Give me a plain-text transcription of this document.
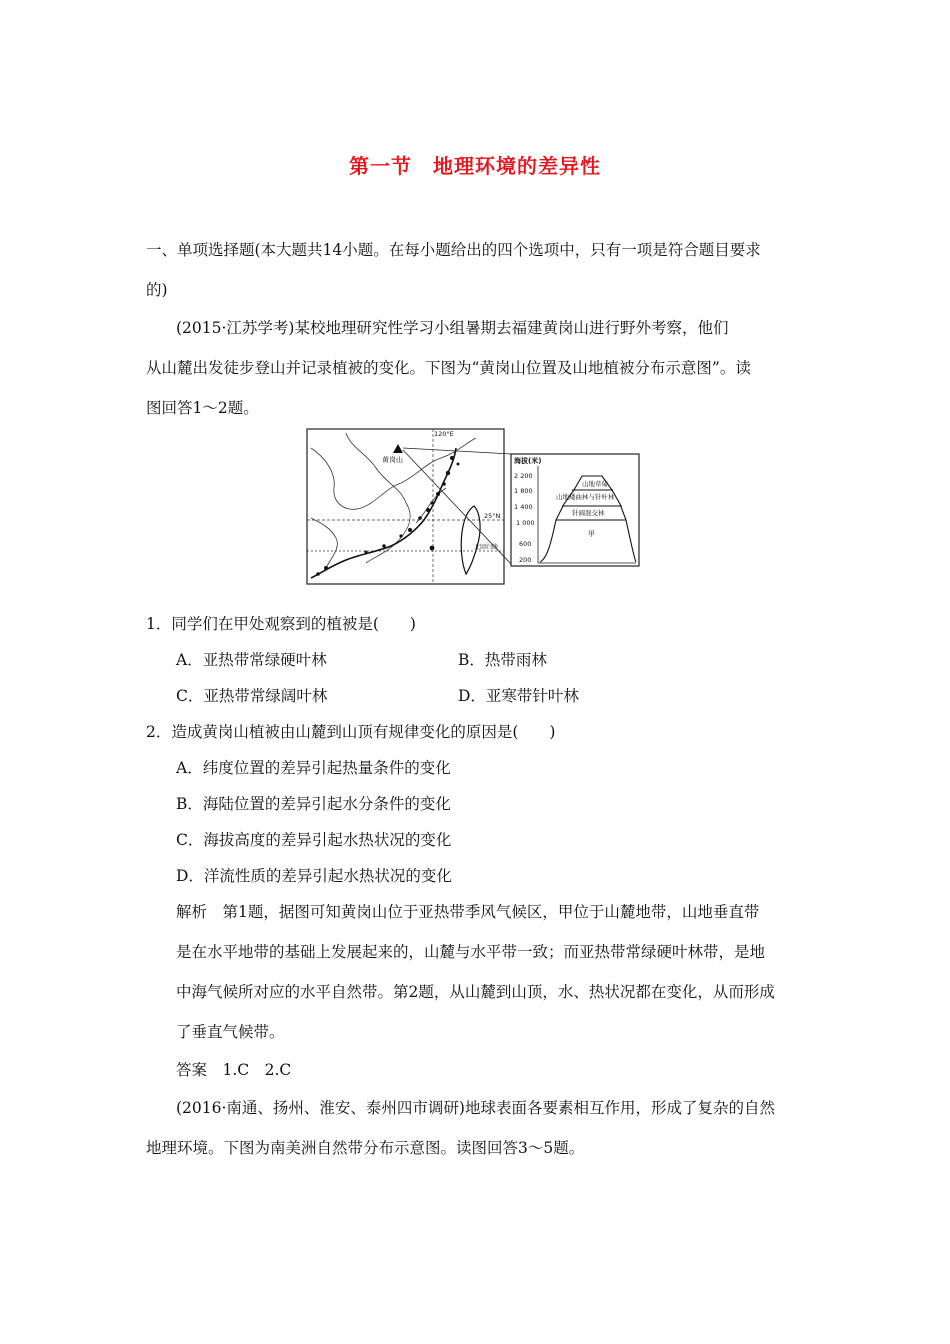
第一节　地理环境的差异性
一、单项选择题(本大题共14小题。在每小题给出的四个选项中，只有一项是符合题目要求
的)
(2015·江苏学考)某校地理研究性学习小组暑期去福建黄岗山进行野外考察，他们
从山麓出发徒步登山并记录植被的变化。下图为“黄岗山位置及山地植被分布示意图”。读
图回答1～2题。
120°E
25°N
北回归线
黄岗山	海拔(米)
2 200
1 800
1 400
1 000
600
200
山地草甸
山地矮曲林与针叶林
针阔混交林
甲
1．同学们在甲处观察到的植被是(　　)
A．亚热带常绿硬叶林	B．热带雨林
C．亚热带常绿阔叶林	D．亚寒带针叶林
2．造成黄岗山植被由山麓到山顶有规律变化的原因是(　　)
A．纬度位置的差异引起热量条件的变化
B．海陆位置的差异引起水分条件的变化
C．海拔高度的差异引起水热状况的变化
D．洋流性质的差异引起水热状况的变化
解析　第1题，据图可知黄岗山位于亚热带季风气候区，甲位于山麓地带，山地垂直带
是在水平地带的基础上发展起来的，山麓与水平带一致；而亚热带常绿硬叶林带，是地
中海气候所对应的水平自然带。第2题，从山麓到山顶，水、热状况都在变化，从而形成
了垂直气候带。
答案　1.C　2.C
(2016·南通、扬州、淮安、泰州四市调研)地球表面各要素相互作用，形成了复杂的自然
地理环境。下图为南美洲自然带分布示意图。读图回答3～5题。
